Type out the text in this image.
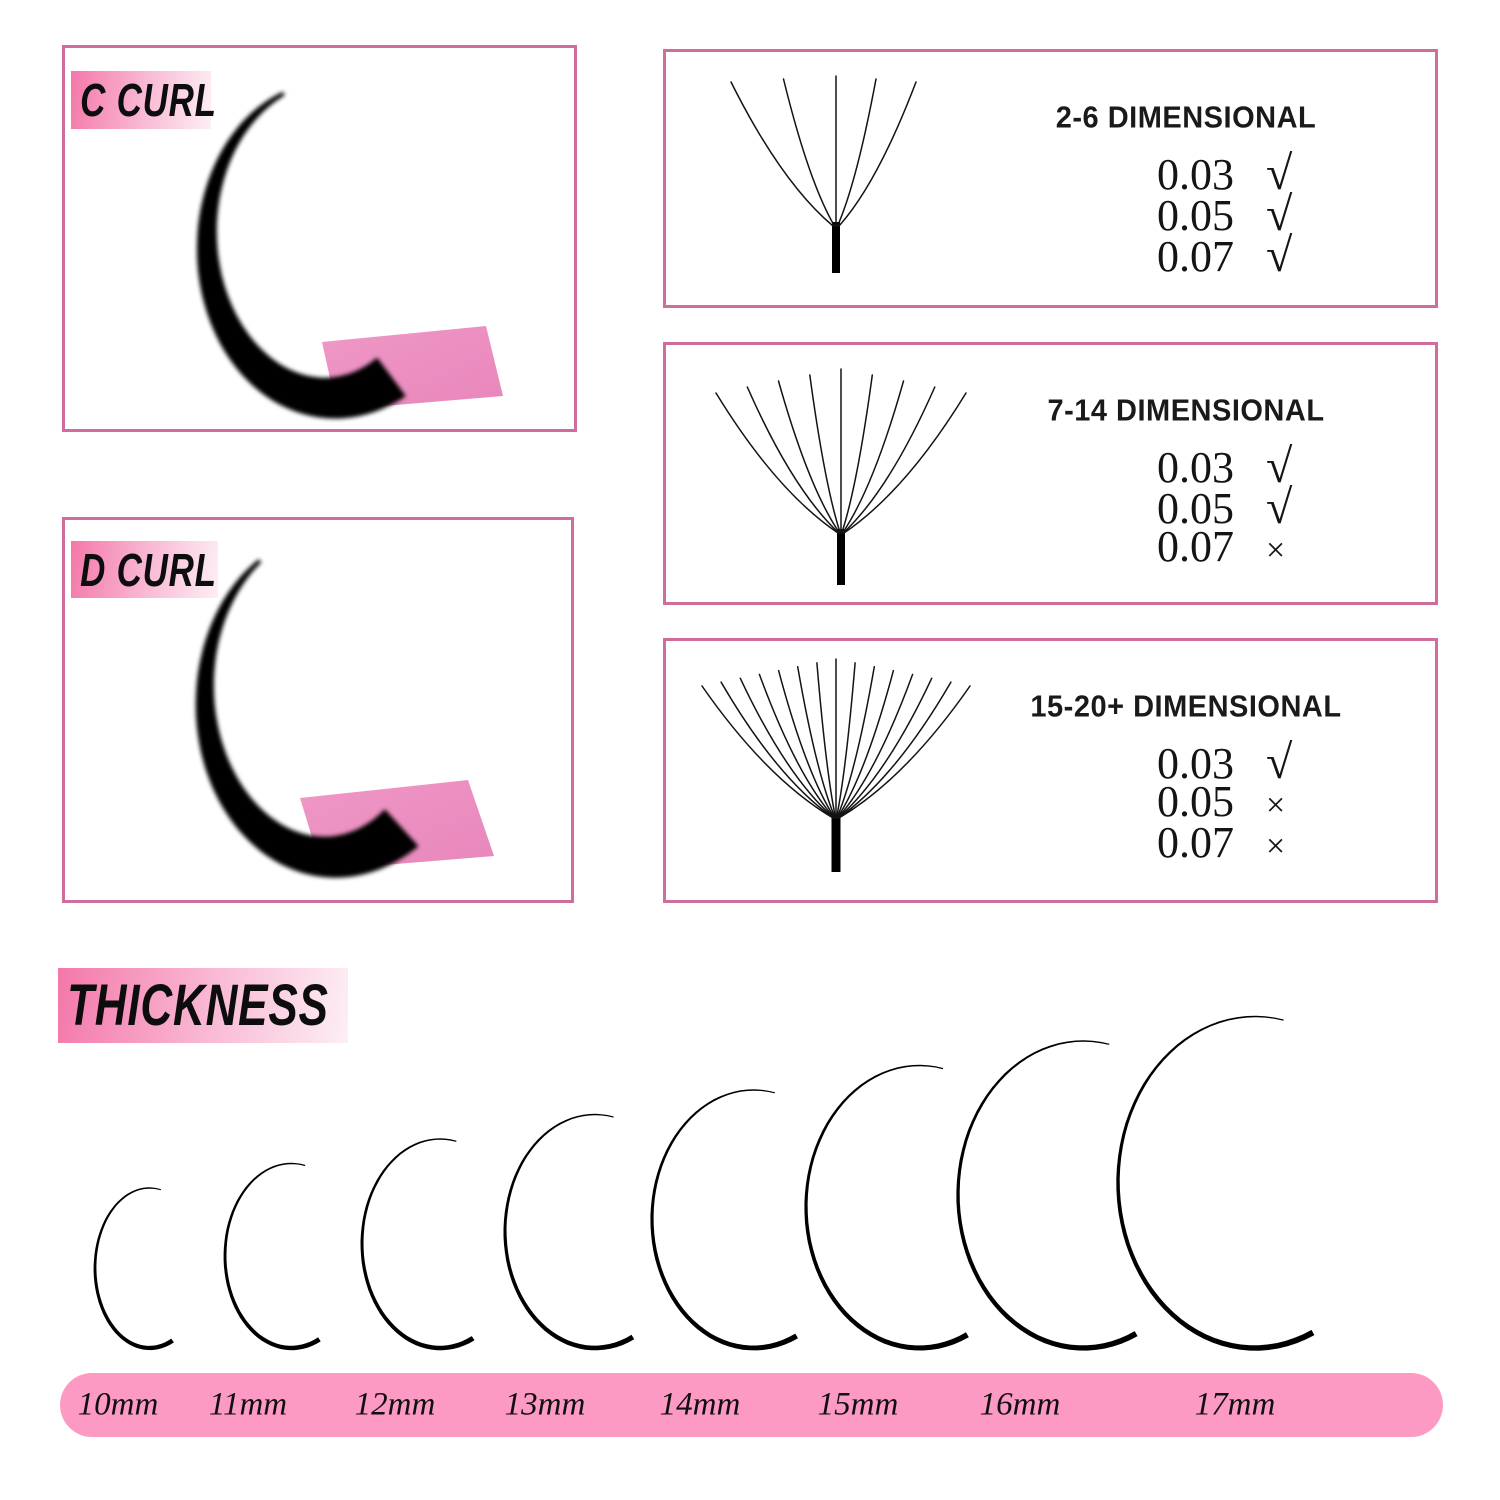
C CURL
D CURL
2-6 DIMENSIONAL
0.03 √
0.05 √
0.07 √
7-14 DIMENSIONAL
0.03 √
0.05 √
0.07 ×
15-20+ DIMENSIONAL
0.03 √
0.05 ×
0.07 ×
THICKNESS
10mm 11mm 12mm 13mm 14mm 15mm 16mm	17mm
